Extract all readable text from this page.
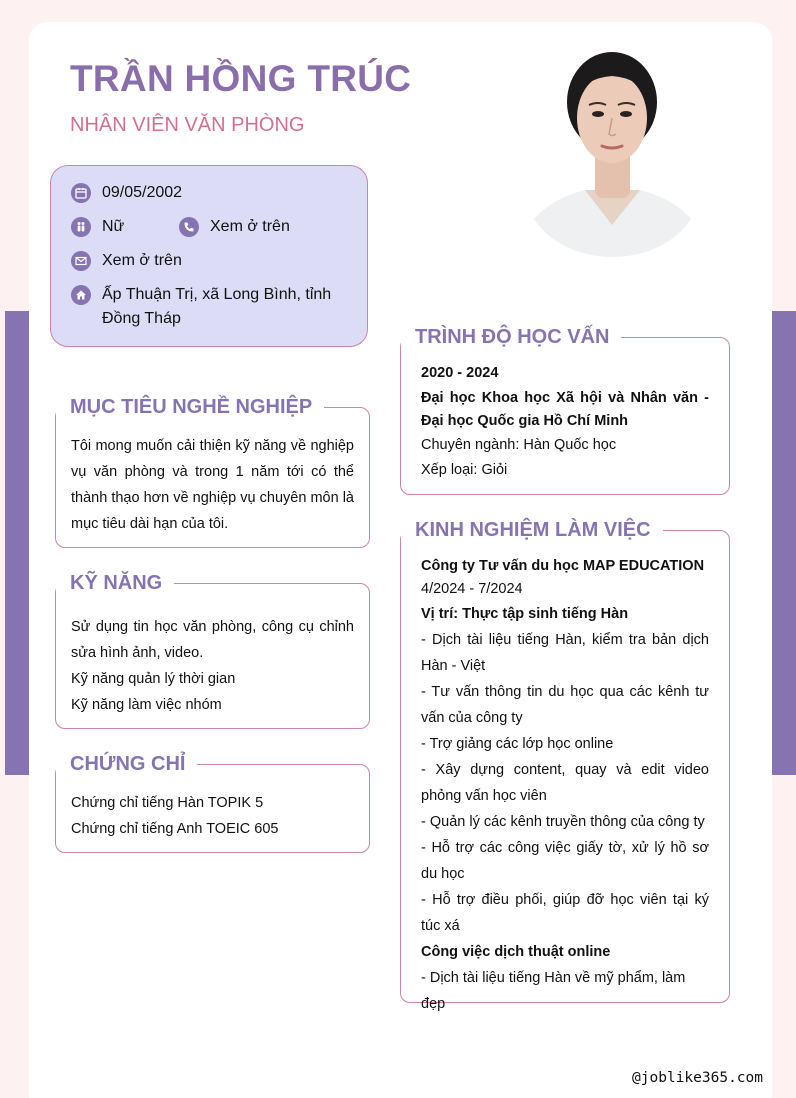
TRẦN HỒNG TRÚC
NHÂN VIÊN VĂN PHÒNG
09/05/2002
Nữ	Xem ở trên
Xem ở trên
Ấp Thuận Trị, xã Long Bình, tỉnh Đồng Tháp
MỤC TIÊU NGHỀ NGHIỆP
Tôi mong muốn cải thiện kỹ năng về nghiệp vụ văn phòng và trong 1 năm tới có thể thành thạo hơn về nghiệp vụ chuyên môn là mục tiêu dài hạn của tôi.
KỸ NĂNG
Sử dụng tin học văn phòng, công cụ chỉnh sửa hình ảnh, video.
Kỹ năng quản lý thời gian
Kỹ năng làm việc nhóm
CHỨNG CHỈ
Chứng chỉ tiếng Hàn TOPIK 5
Chứng chỉ tiếng Anh TOEIC 605
TRÌNH ĐỘ HỌC VẤN
2020 - 2024
Đại học Khoa học Xã hội và Nhân văn - Đại học Quốc gia Hồ Chí Minh
Chuyên ngành: Hàn Quốc học
Xếp loại: Giỏi
KINH NGHIỆM LÀM VIỆC
Công ty Tư vấn du học MAP EDUCATION
4/2024 - 7/2024
Vị trí: Thực tập sinh tiếng Hàn
- Dịch tài liệu tiếng Hàn, kiểm tra bản dịch Hàn - Việt
- Tư vấn thông tin du học qua các kênh tư vấn của công ty
- Trợ giảng các lớp học online
- Xây dựng content, quay và edit video phỏng vấn học viên
- Quản lý các kênh truyền thông của công ty
- Hỗ trợ các công việc giấy tờ, xử lý hồ sơ du học
- Hỗ trợ điều phối, giúp đỡ học viên tại ký túc xá
Công việc dịch thuật online
- Dịch tài liệu tiếng Hàn về mỹ phẩm, làm đẹp
@joblike365.com
